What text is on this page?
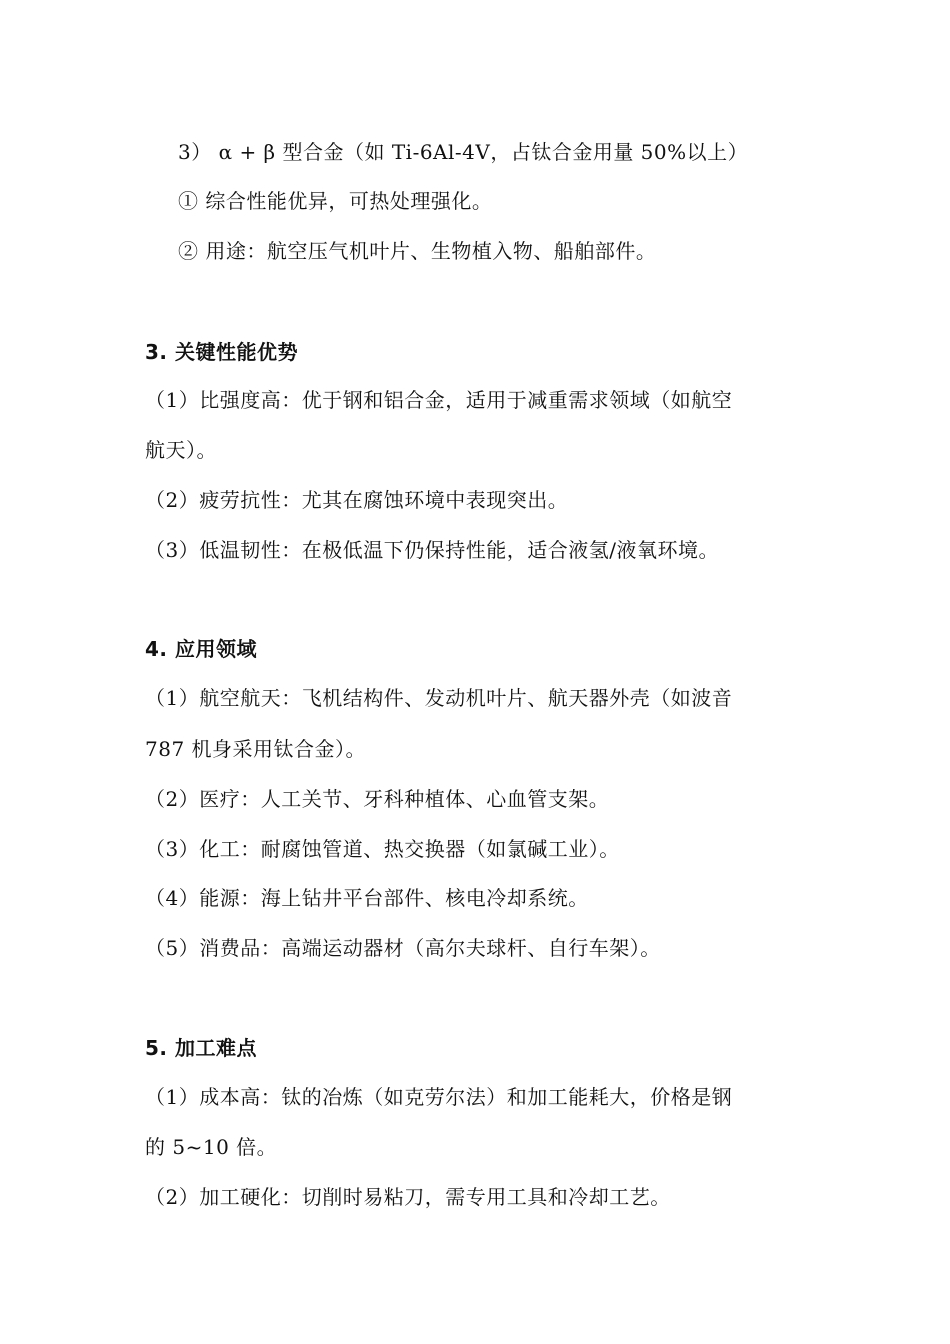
3） α + β 型合金（如 Ti-6Al-4V，占钛合金用量 50%以上）
① 综合性能优异，可热处理强化。
② 用途：航空压气机叶片、生物植入物、船舶部件。
3. 关键性能优势
（1）比强度高：优于钢和铝合金，适用于减重需求领域（如航空
航天）。
（2）疲劳抗性：尤其在腐蚀环境中表现突出。
（3）低温韧性：在极低温下仍保持性能，适合液氢/液氧环境。
4. 应用领域
（1）航空航天：飞机结构件、发动机叶片、航天器外壳（如波音
787 机身采用钛合金）。
（2）医疗：人工关节、牙科种植体、心血管支架。
（3）化工：耐腐蚀管道、热交换器（如氯碱工业）。
（4）能源：海上钻井平台部件、核电冷却系统。
（5）消费品：高端运动器材（高尔夫球杆、自行车架）。
5. 加工难点
（1）成本高：钛的冶炼（如克劳尔法）和加工能耗大，价格是钢
的 5~10 倍。
（2）加工硬化：切削时易粘刀，需专用工具和冷却工艺。
